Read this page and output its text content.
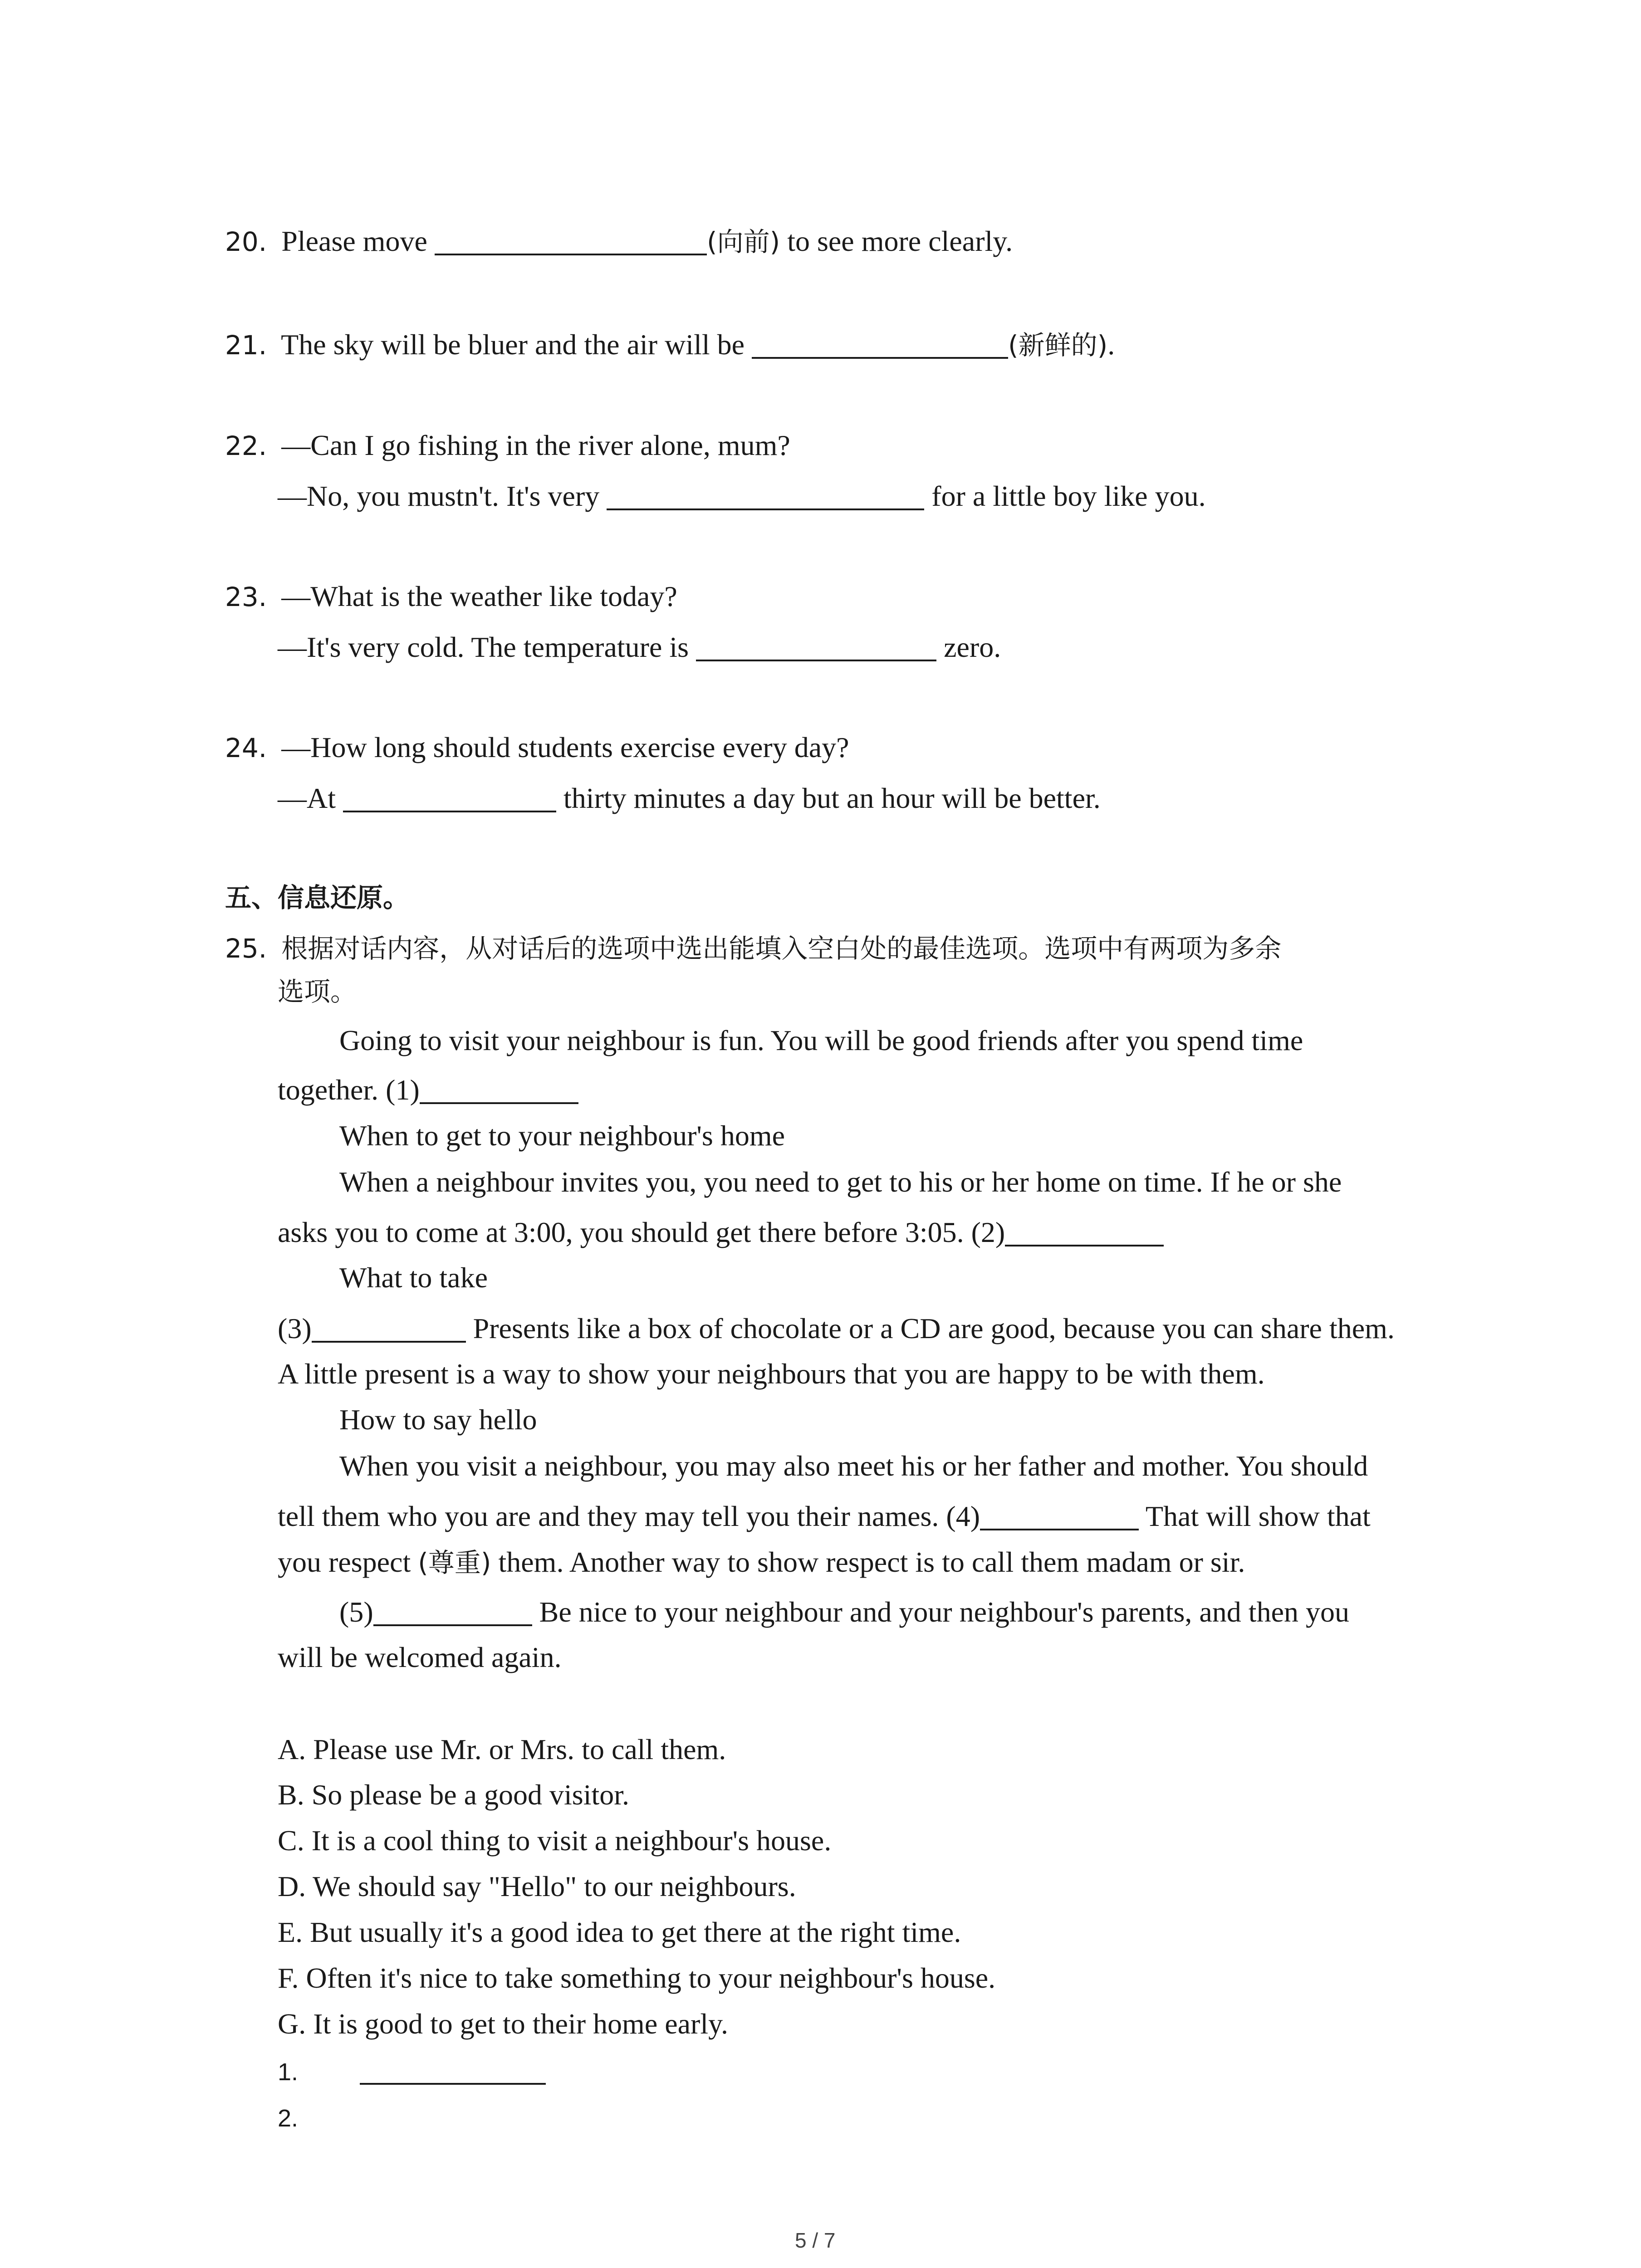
20. Please move	(向前) to see more clearly.
21. The sky will be bluer and the air will be	(新鲜的).
22. —Can I go fishing in the river alone, mum?
—No, you mustn't. It's very	for a little boy like you.
23. —What is the weather like today?
—It's very cold. The temperature is	zero.
24. —How long should students exercise every day?
—At	thirty minutes a day but an hour will be better.
五、信息还原。
25. 根据对话内容，从对话后的选项中选出能填入空白处的最佳选项。选项中有两项为多余
选项。
Going to visit your neighbour is fun. You will be good friends after you spend time
together. (1)
When to get to your neighbour's home
When a neighbour invites you, you need to get to his or her home on time. If he or she
asks you to come at 3:00, you should get there before 3:05. (2)
What to take
(3)	Presents like a box of chocolate or a CD are good, because you can share them.
A little present is a way to show your neighbours that you are happy to be with them.
How to say hello
When you visit a neighbour, you may also meet his or her father and mother. You should
tell them who you are and they may tell you their names. (4)	That will show that
you respect (尊重) them. Another way to show respect is to call them madam or sir.
(5)	Be nice to your neighbour and your neighbour's parents, and then you
will be welcomed again.
A. Please use Mr. or Mrs. to call them.
B. So please be a good visitor.
C. It is a cool thing to visit a neighbour's house.
D. We should say "Hello" to our neighbours.
E. But usually it's a good idea to get there at the right time.
F. Often it's nice to take something to your neighbour's house.
G. It is good to get to their home early.
1.
2.
5 / 7
